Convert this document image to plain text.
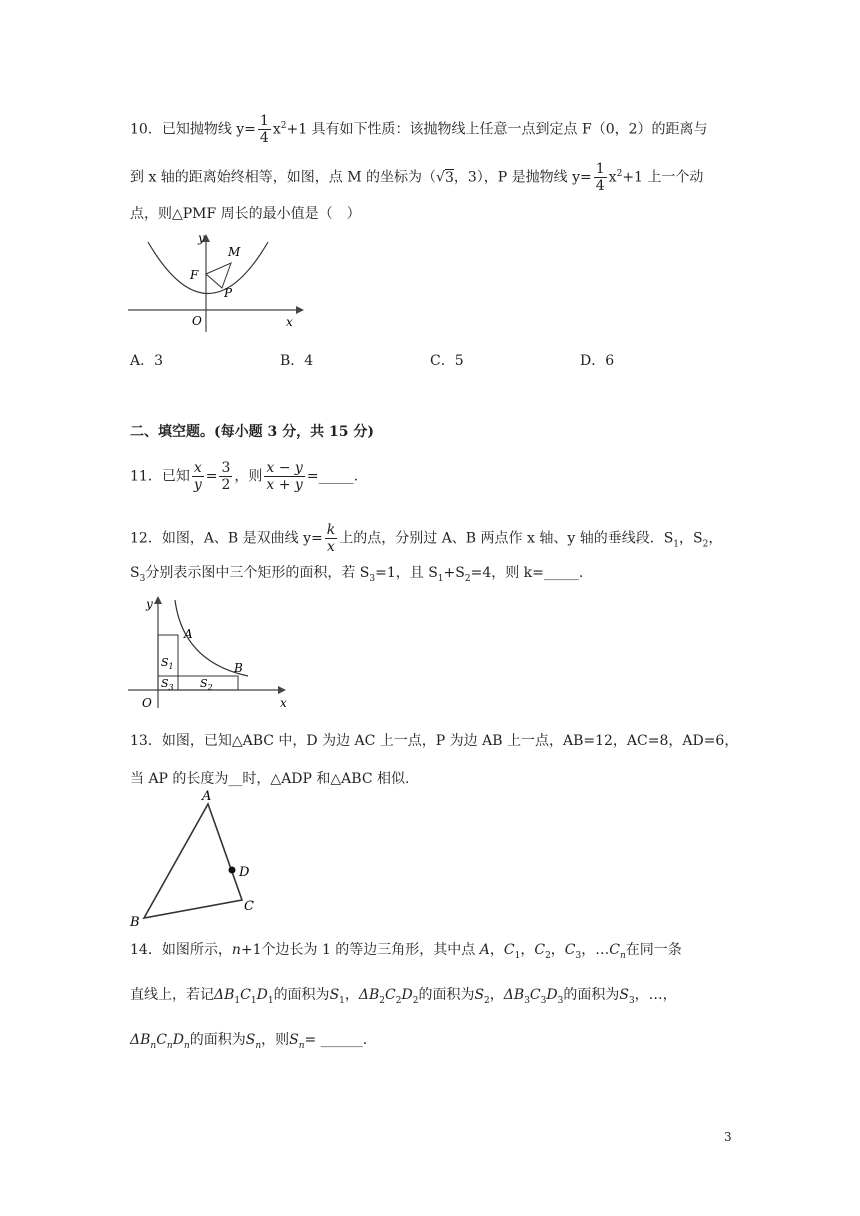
10．已知抛物线 $y= \frac{1}{4} x^2+1$ 具有如下性质：该抛物线上任意一点到定点 F（0，2）的距离与
到 x 轴的距离始终相等，如图，点 M 的坐标为（√3，3），P 是抛物线 $y= \frac{1}{4} x^2+1$ 上一个动
点，则△PMF 周长的最小值是（　）
y
M
F
P
O	x
A．3	B．4	C．5	D．6
二、填空题。(每小题 3 分，共 15 分)
11．已知 $\frac{x}{y} = \frac{3}{2}$ ，则 $\frac{x - y}{x + y}$ =_____.
12．如图，A、B 是双曲线 $y= \frac{k}{x}$ 上的点，分别过 A、B 两点作 x 轴、y 轴的垂线段．$S_1$，$S_2$，
$S_3$分别表示图中三个矩形的面积，若 $S_3=1$，且 $S_1+S_2=4$，则 k=_____.
y
A
B
$S_1$
$S_3$ $S_2$
O	x
13．如图，已知△ABC 中，D 为边 AC 上一点，P 为边 AB 上一点，AB=12，AC=8，AD=6，
当 AP 的长度为__时，△ADP 和△ABC 相似.
A
B
C
D
14．如图所示，n+1个边长为 1 的等边三角形，其中点 A，$C_1$，$C_2$，$C_3$，$\dots C_n$在同一条
直线上，若记$\Delta B_1C_1D_1$的面积为$S_1$，$\Delta B_2C_2D_2$的面积为$S_2$，$\Delta B_3C_3D_3$的面积为$S_3$，…，
$\Delta B_nC_nD_n$的面积为$S_n$，则$S_n=$ ______.
3
